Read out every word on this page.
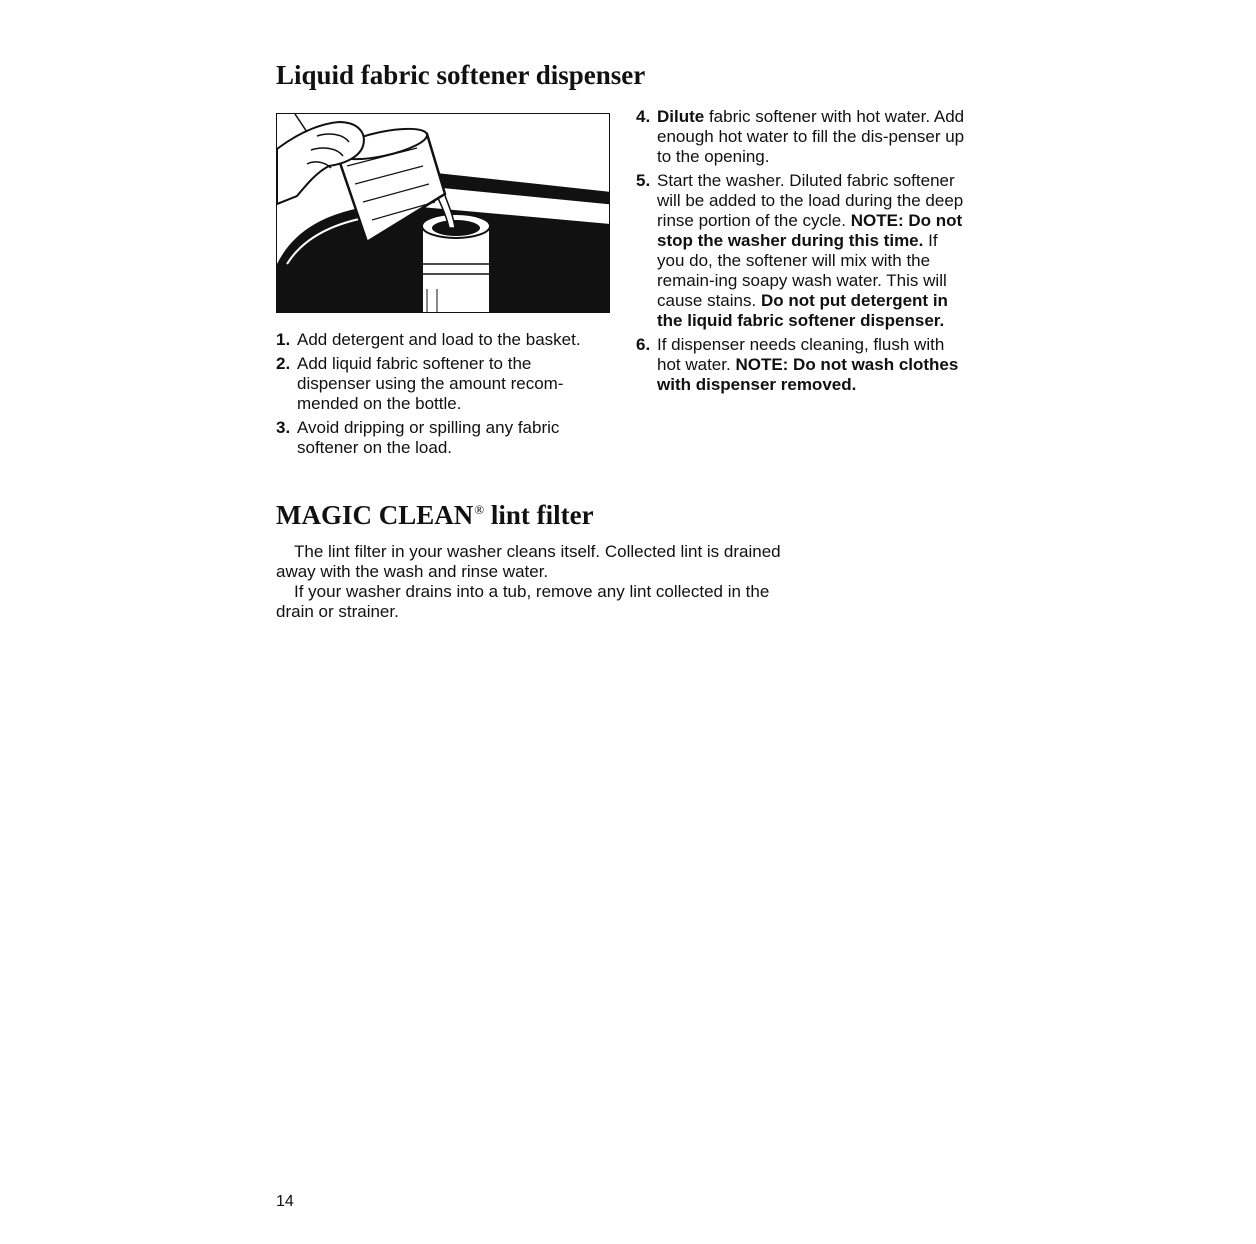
Liquid fabric softener dispenser
1. Add detergent and load to the basket.
2. Add liquid fabric softener to the dispenser using the amount recom-mended on the bottle.
3. Avoid dripping or spilling any fabric softener on the load.
4. Dilute fabric softener with hot water. Add enough hot water to fill the dis-penser up to the opening.
5. Start the washer. Diluted fabric softener will be added to the load during the deep rinse portion of the cycle. NOTE: Do not stop the washer during this time. If you do, the softener will mix with the remain-ing soapy wash water. This will cause stains. Do not put detergent in the liquid fabric softener dispenser.
6. If dispenser needs cleaning, flush with hot water. NOTE: Do not wash clothes with dispenser removed.
MAGIC CLEAN® lint filter

The lint filter in your washer cleans itself. Collected lint is drained away with the wash and rinse water.

If your washer drains into a tub, remove any lint collected in the drain or strainer.

14
